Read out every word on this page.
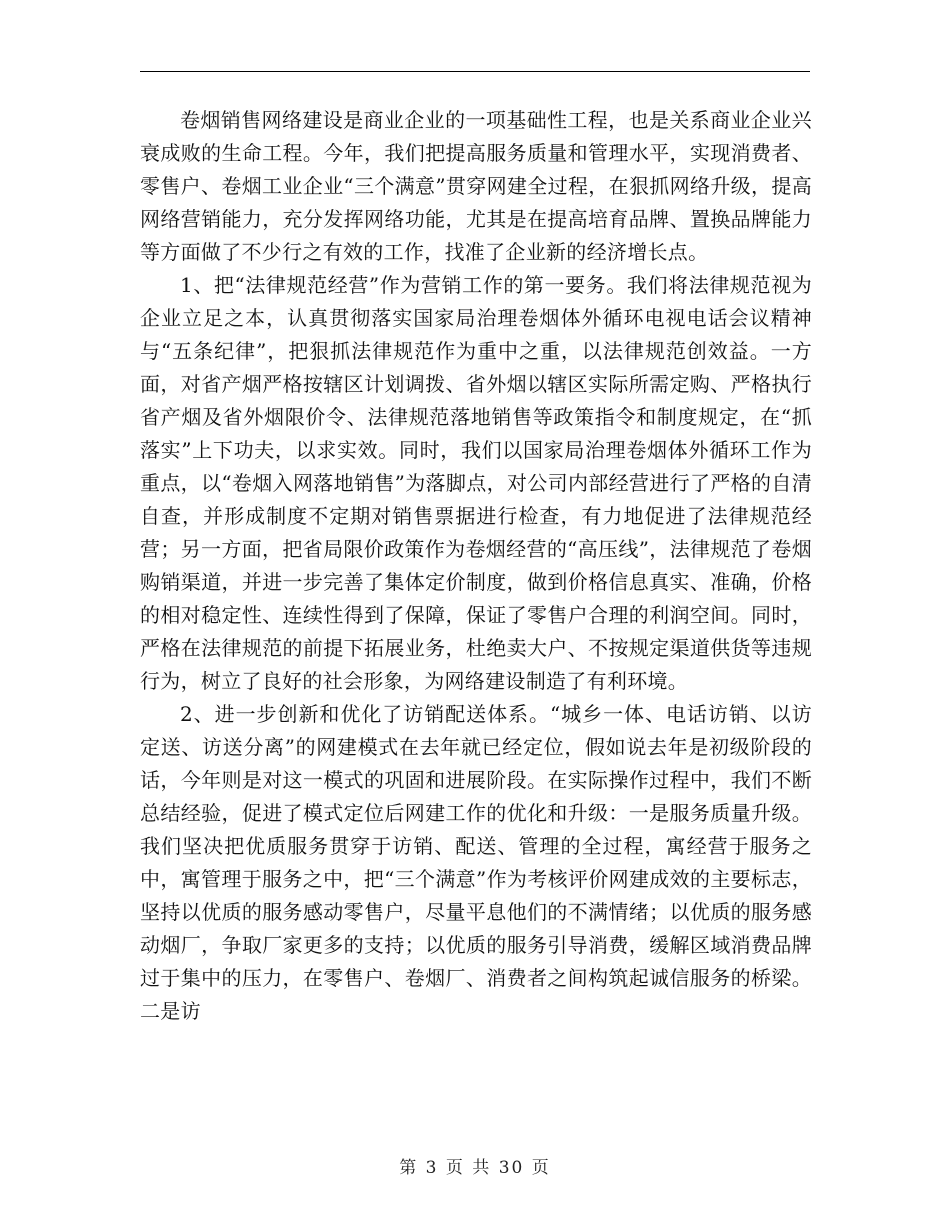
卷烟销售网络建设是商业企业的一项基础性工程，也是关系商业企业兴衰成败的生命工程。今年，我们把提高服务质量和管理水平，实现消费者、零售户、卷烟工业企业“三个满意”贯穿网建全过程，在狠抓网络升级，提高网络营销能力，充分发挥网络功能，尤其是在提高培育品牌、置换品牌能力等方面做了不少行之有效的工作，找准了企业新的经济增长点。

1、把“法律规范经营”作为营销工作的第一要务。我们将法律规范视为企业立足之本，认真贯彻落实国家局治理卷烟体外循环电视电话会议精神与“五条纪律”，把狠抓法律规范作为重中之重，以法律规范创效益。一方面，对省产烟严格按辖区计划调拨、省外烟以辖区实际所需定购、严格执行省产烟及省外烟限价令、法律规范落地销售等政策指令和制度规定，在“抓落实”上下功夫，以求实效。同时，我们以国家局治理卷烟体外循环工作为重点，以“卷烟入网落地销售”为落脚点，对公司内部经营进行了严格的自清自查，并形成制度不定期对销售票据进行检查，有力地促进了法律规范经营；另一方面，把省局限价政策作为卷烟经营的“高压线”，法律规范了卷烟购销渠道，并进一步完善了集体定价制度，做到价格信息真实、准确，价格的相对稳定性、连续性得到了保障，保证了零售户合理的利润空间。同时，严格在法律规范的前提下拓展业务，杜绝卖大户、不按规定渠道供货等违规行为，树立了良好的社会形象，为网络建设制造了有利环境。

2、进一步创新和优化了访销配送体系。“城乡一体、电话访销、以访定送、访送分离”的网建模式在去年就已经定位，假如说去年是初级阶段的话，今年则是对这一模式的巩固和进展阶段。在实际操作过程中，我们不断总结经验，促进了模式定位后网建工作的优化和升级：一是服务质量升级。我们坚决把优质服务贯穿于访销、配送、管理的全过程，寓经营于服务之中，寓管理于服务之中，把“三个满意”作为考核评价网建成效的主要标志，坚持以优质的服务感动零售户，尽量平息他们的不满情绪；以优质的服务感动烟厂，争取厂家更多的支持；以优质的服务引导消费，缓解区域消费品牌过于集中的压力，在零售户、卷烟厂、消费者之间构筑起诚信服务的桥梁。二是访

第 3 页 共 30 页
